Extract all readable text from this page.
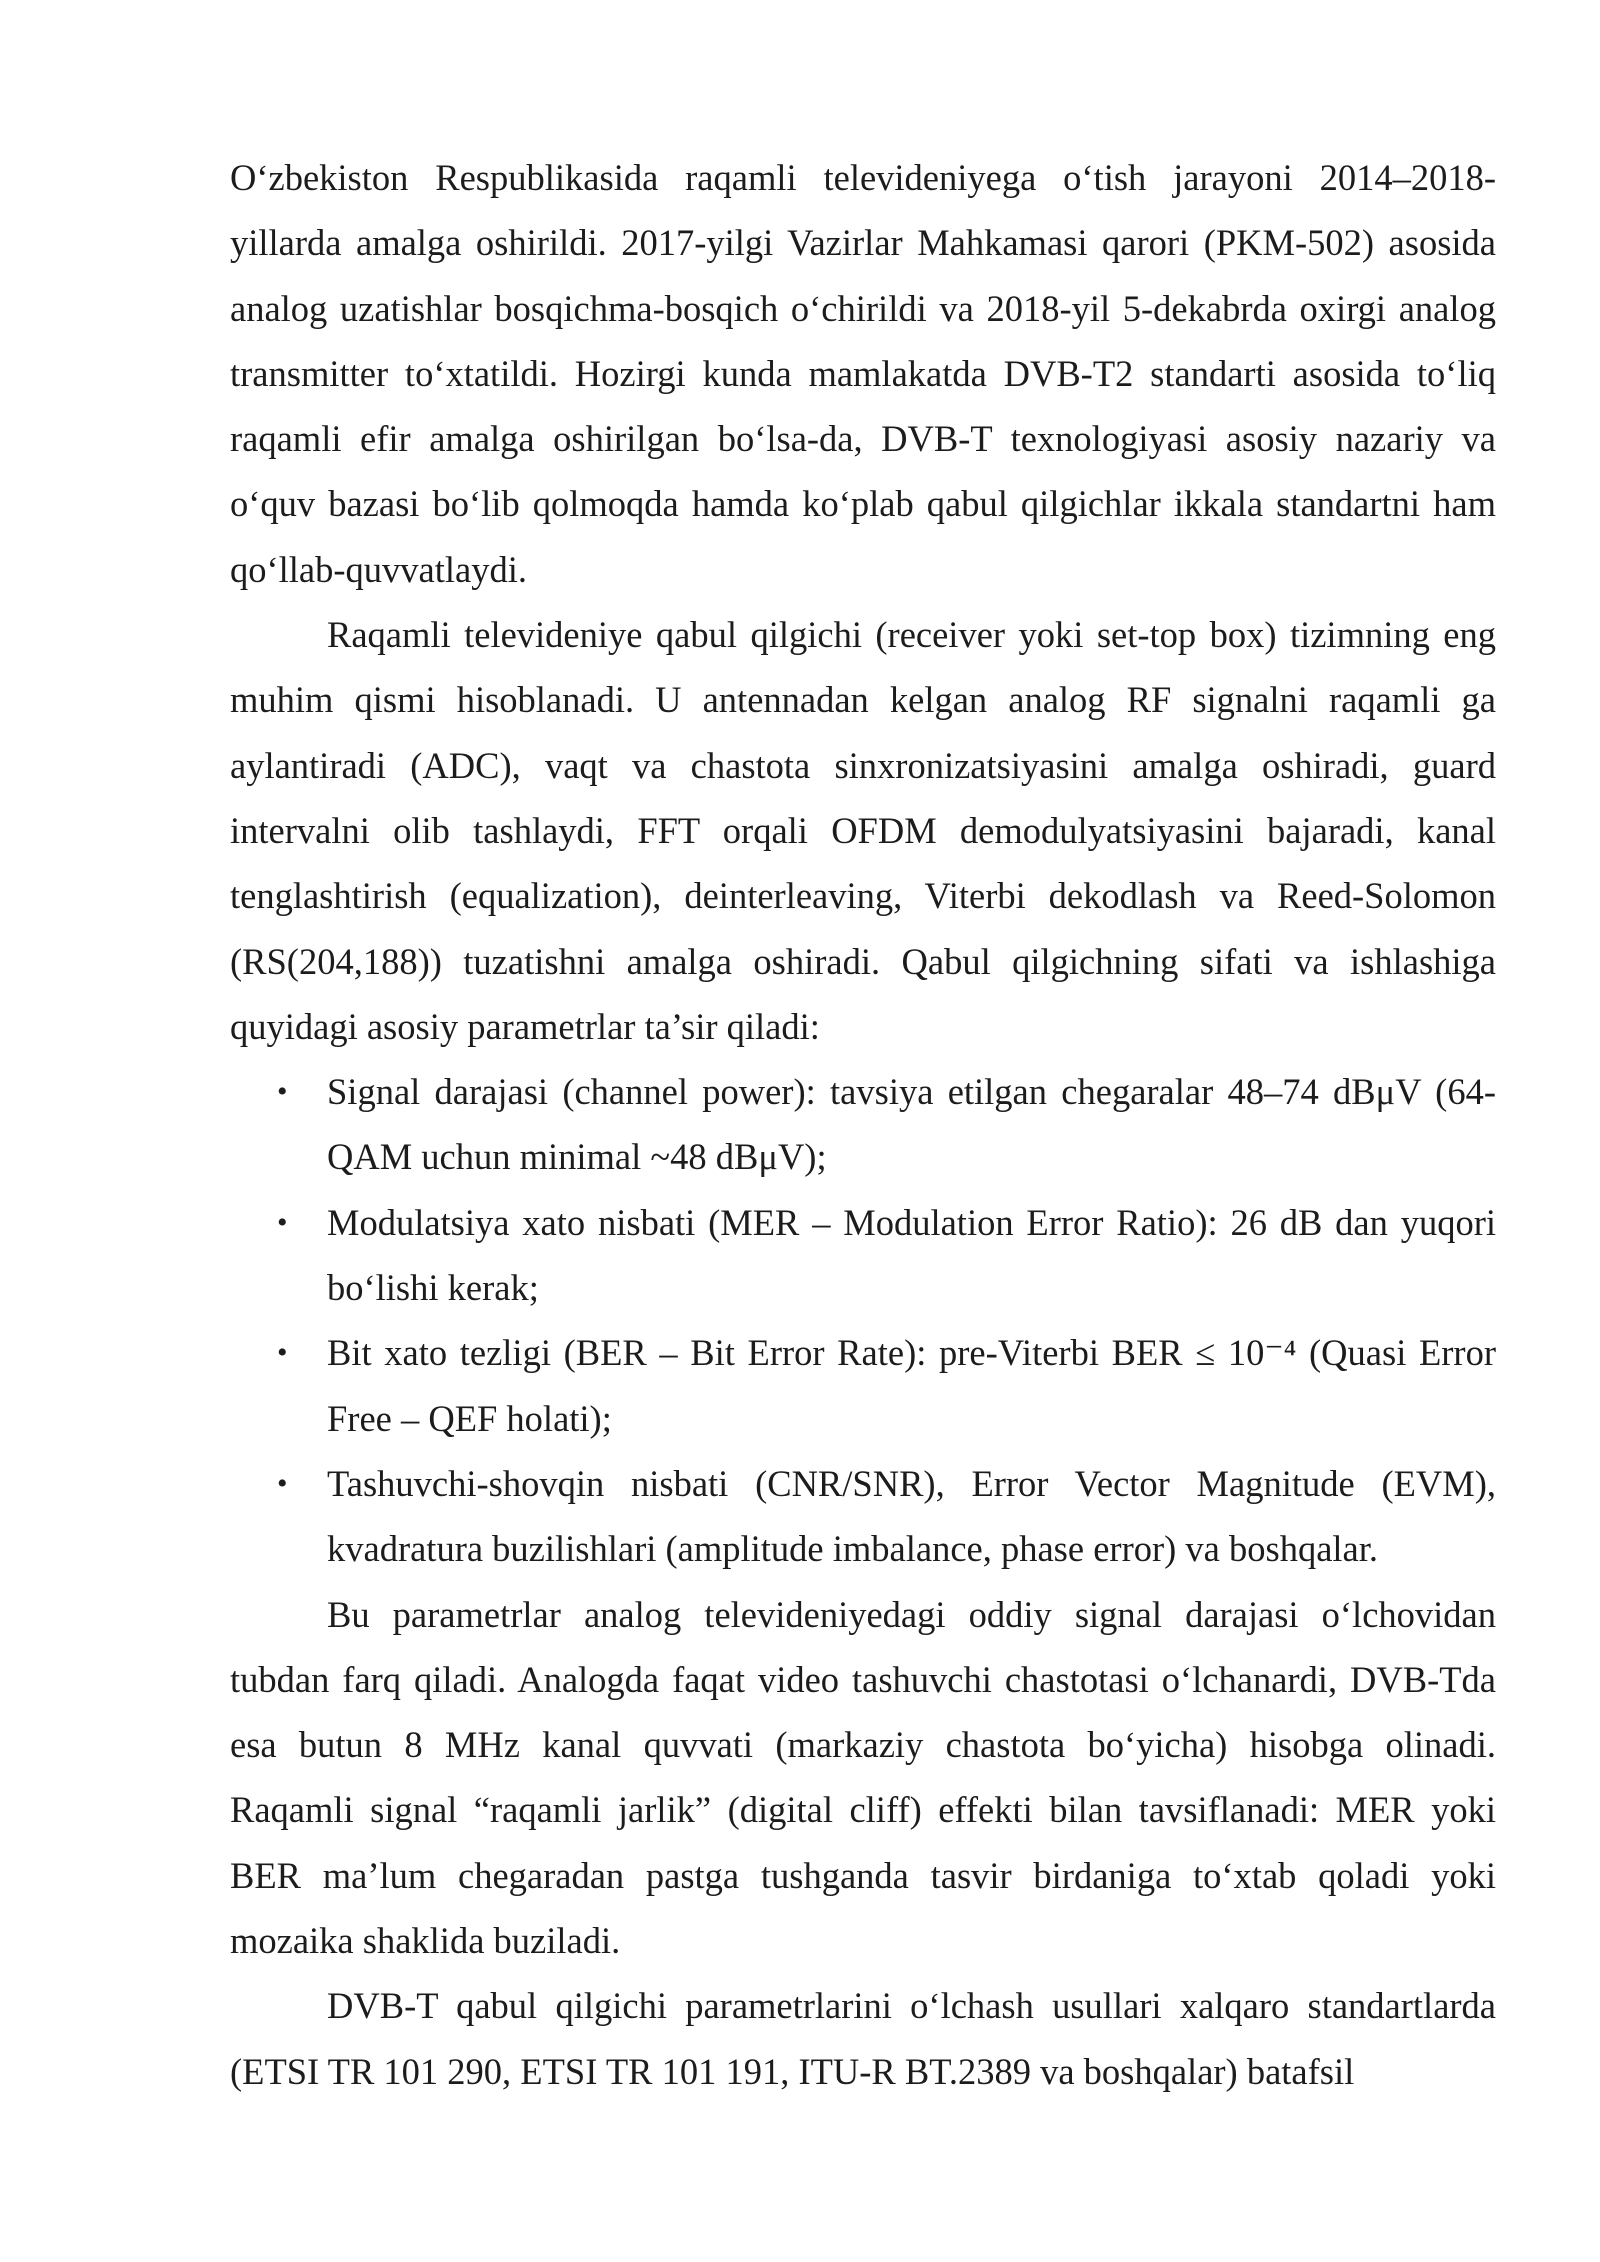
O‘zbekiston Respublikasida raqamli televideniyega o‘tish jarayoni 2014–2018-yillarda amalga oshirildi. 2017-yilgi Vazirlar Mahkamasi qarori (PKM-502) asosida analog uzatishlar bosqichma-bosqich o‘chirildi va 2018-yil 5-dekabrda oxirgi analog transmitter to‘xtatildi. Hozirgi kunda mamlakatda DVB-T2 standarti asosida to‘liq raqamli efir amalga oshirilgan bo‘lsa-da, DVB-T texnologiyasi asosiy nazariy va o‘quv bazasi bo‘lib qolmoqda hamda ko‘plab qabul qilgichlar ikkala standartni ham qo‘llab-quvvatlaydi.

Raqamli televideniye qabul qilgichi (receiver yoki set-top box) tizimning eng muhim qismi hisoblanadi. U antennadan kelgan analog RF signalni raqamli ga aylantiradi (ADC), vaqt va chastota sinxronizatsiyasini amalga oshiradi, guard intervalni olib tashlaydi, FFT orqali OFDM demodulyatsiyasini bajaradi, kanal tenglashtirish (equalization), deinterleaving, Viterbi dekodlash va Reed-Solomon (RS(204,188)) tuzatishni amalga oshiradi. Qabul qilgichning sifati va ishlashiga quyidagi asosiy parametrlar ta’sir qiladi:

• Signal darajasi (channel power): tavsiya etilgan chegaralar 48–74 dBμV (64-QAM uchun minimal ~48 dBμV);
• Modulatsiya xato nisbati (MER – Modulation Error Ratio): 26 dB dan yuqori bo‘lishi kerak;
• Bit xato tezligi (BER – Bit Error Rate): pre-Viterbi BER ≤ 10⁻⁴ (Quasi Error Free – QEF holati);
• Tashuvchi-shovqin nisbati (CNR/SNR), Error Vector Magnitude (EVM), kvadratura buzilishlari (amplitude imbalance, phase error) va boshqalar.

Bu parametrlar analog televideniyedagi oddiy signal darajasi o‘lchovidan tubdan farq qiladi. Analogda faqat video tashuvchi chastotasi o‘lchanardi, DVB-Tda esa butun 8 MHz kanal quvvati (markaziy chastota bo‘yicha) hisobga olinadi. Raqamli signal “raqamli jarlik” (digital cliff) effekti bilan tavsiflanadi: MER yoki BER ma’lum chegaradan pastga tushganda tasvir birdaniga to‘xtab qoladi yoki mozaika shaklida buziladi.

DVB-T qabul qilgichi parametrlarini o‘lchash usullari xalqaro standartlarda (ETSI TR 101 290, ETSI TR 101 191, ITU-R BT.2389 va boshqalar) batafsil
